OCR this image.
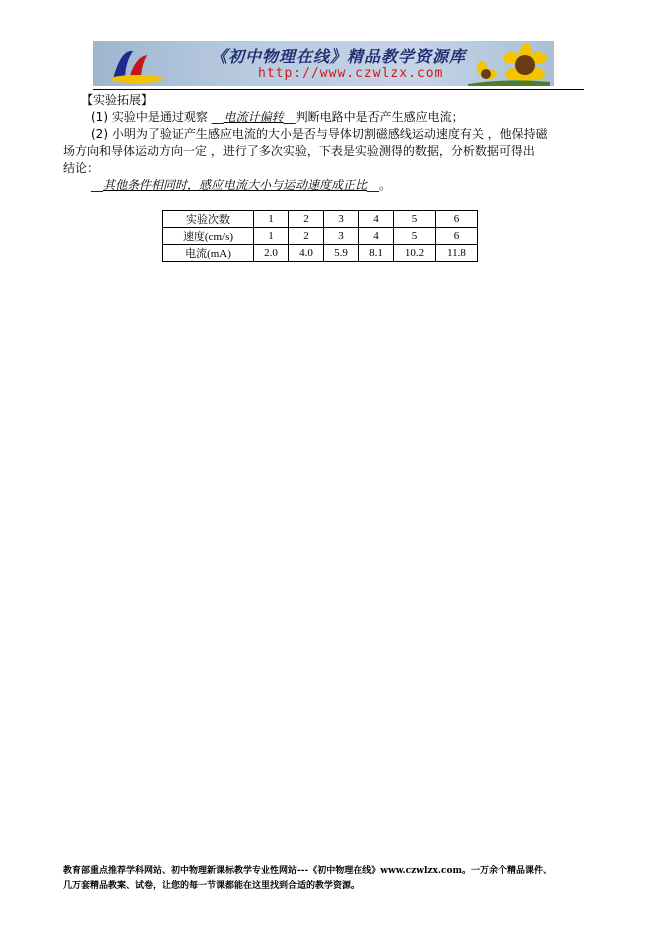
《初中物理在线》精品教学资源库
http://www.czwlzx.com
【实验拓展】
(1) 实验中是通过观察 __电流计偏转__判断电路中是否产生感应电流；
(2) 小明为了验证产生感应电流的大小是否与导体切割磁感线运动速度有关 ，他保持磁
场方向和导体运动方向一定 ，进行了多次实验，下表是实验测得的数据，分析数据可得出
结论：
__其他条件相同时，感应电流大小与运动速度成正比__。
实验次数	1	2	3	4	5	6
速度(cm/s)	1	2	3	4	5	6
电流(mA)	2.0	4.0	5.9	8.1	10.2	11.8
教育部重点推荐学科网站、初中物理新课标教学专业性网站---《初中物理在线》www.czwlzx.com。一万余个精品课件、
几万套精品教案、试卷，让您的每一节课都能在这里找到合适的教学资源。
